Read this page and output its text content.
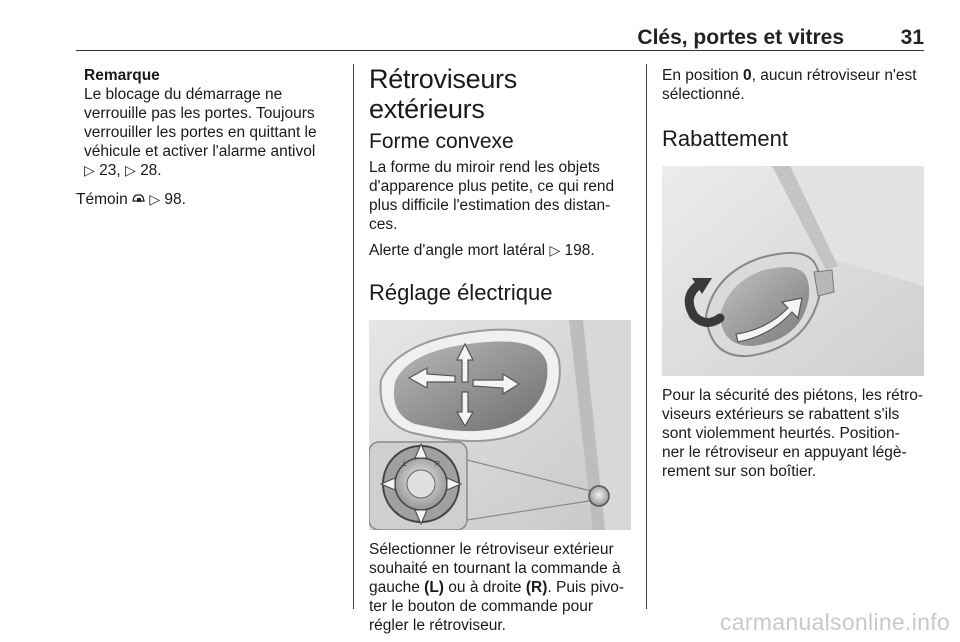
Clés, portes et vitres	31
Remarque
Le blocage du démarrage ne
verrouille pas les portes. Toujours
verrouiller les portes en quittant le
véhicule et activer l'alarme antivol
▷ 23, ▷ 28.
Témoin ▷ 98.
Rétroviseurs extérieurs
Forme convexe
La forme du miroir rend les objets
d'apparence plus petite, ce qui rend
plus difficile l'estimation des distan-
ces.
Alerte d'angle mort latéral ▷ 198.
Réglage électrique
L	R
Sélectionner le rétroviseur extérieur
souhaité en tournant la commande à
gauche (L) ou à droite (R). Puis pivo-
ter le bouton de commande pour
régler le rétroviseur.
En position 0, aucun rétroviseur n'est
sélectionné.
Rabattement
Pour la sécurité des piétons, les rétro-
viseurs extérieurs se rabattent s'ils
sont violemment heurtés. Position-
ner le rétroviseur en appuyant légè-
rement sur son boîtier.
carmanualsonline.info
